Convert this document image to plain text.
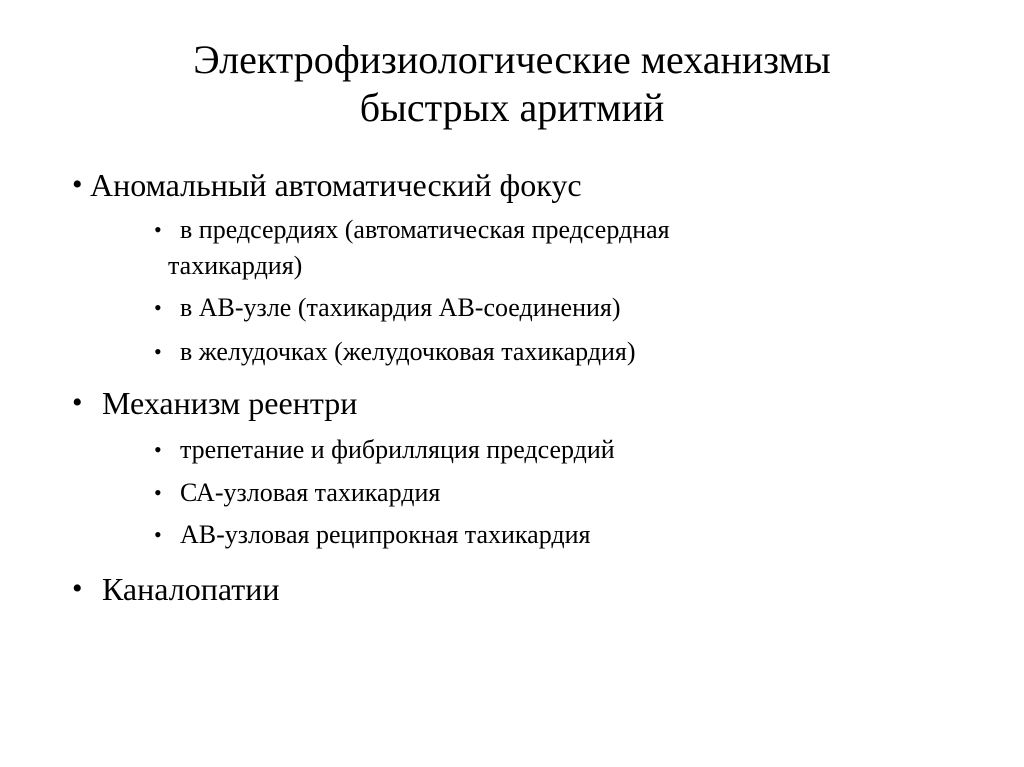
Электрофизиологические механизмы
быстрых аритмий
• Аномальный автоматический фокус
• в предсердиях (автоматическая предсердная
тахикардия)
• в АВ-узле (тахикардия АВ-соединения)
• в желудочках (желудочковая тахикардия)
• Механизм реентри
• трепетание и фибрилляция предсердий
• СА-узловая тахикардия
• АВ-узловая реципрокная тахикардия
• Каналопатии
